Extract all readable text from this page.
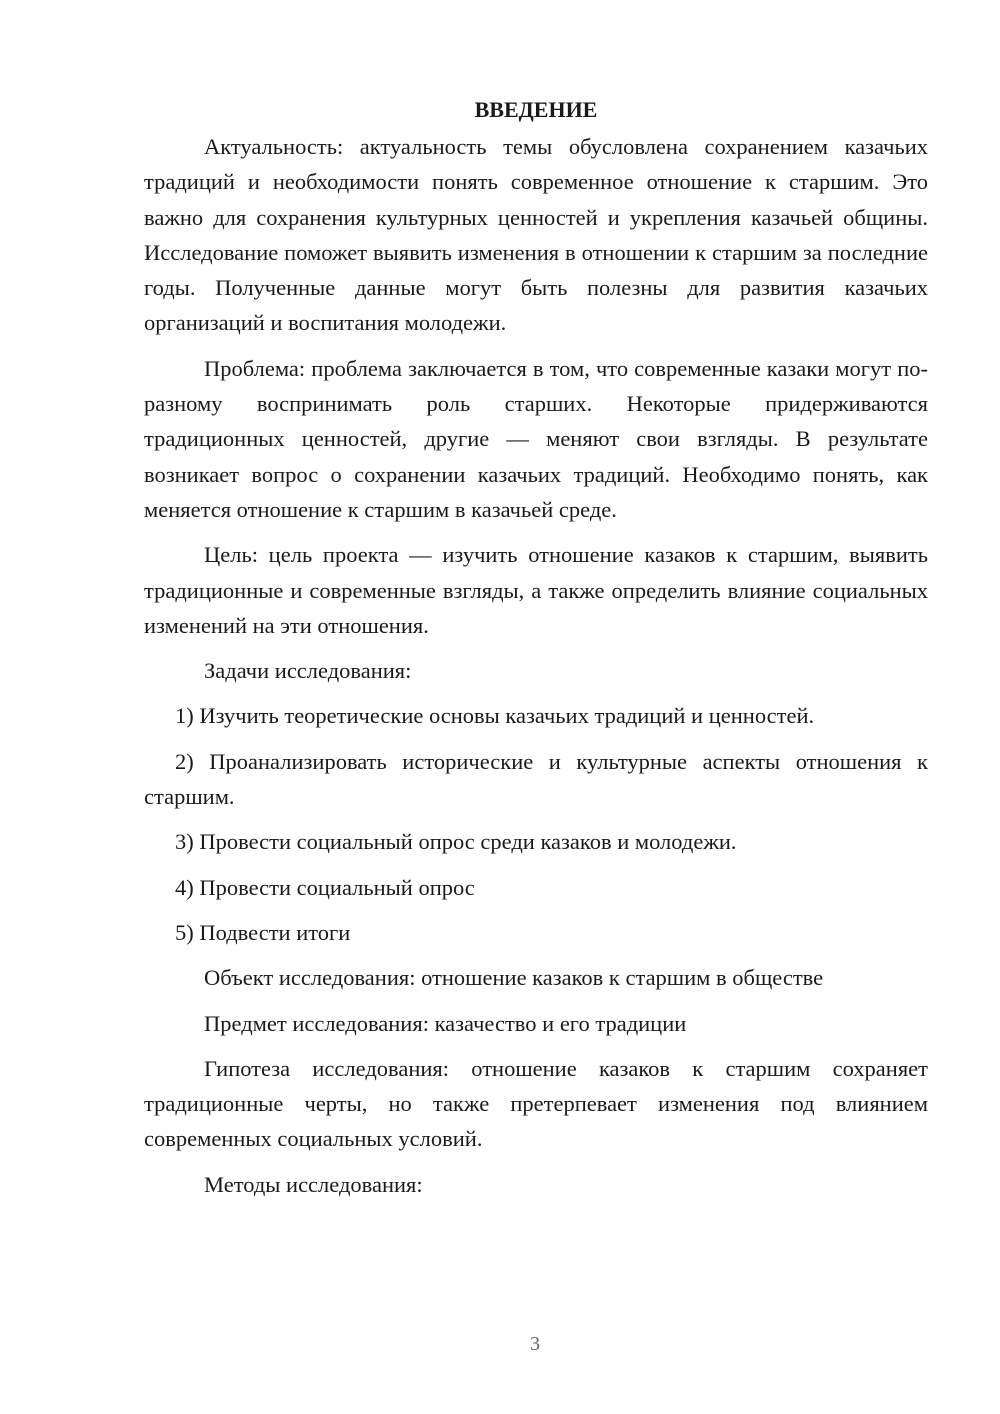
ВВЕДЕНИЕ

Актуальность: актуальность темы обусловлена сохранением казачьих традиций и необходимости понять современное отношение к старшим. Это важно для сохранения культурных ценностей и укрепления казачьей общины. Исследование поможет выявить изменения в отношении к старшим за последние годы. Полученные данные могут быть полезны для развития казачьих организаций и воспитания молодежи.

Проблема: проблема заключается в том, что современные казаки могут по-разному воспринимать роль старших. Некоторые придерживаются традиционных ценностей, другие — меняют свои взгляды. В результате возникает вопрос о сохранении казачьих традиций. Необходимо понять, как меняется отношение к старшим в казачьей среде.

Цель: цель проекта — изучить отношение казаков к старшим, выявить традиционные и современные взгляды, а также определить влияние социальных изменений на эти отношения.

Задачи исследования:

1) Изучить теоретические основы казачьих традиций и ценностей.

2) Проанализировать исторические и культурные аспекты отношения к старшим.

3) Провести социальный опрос среди казаков и молодежи.

4) Провести социальный опрос

5) Подвести итоги

Объект исследования: отношение казаков к старшим в обществе

Предмет исследования: казачество и его традиции

Гипотеза исследования: отношение казаков к старшим сохраняет традиционные черты, но также претерпевает изменения под влиянием современных социальных условий.

Методы исследования:

3
